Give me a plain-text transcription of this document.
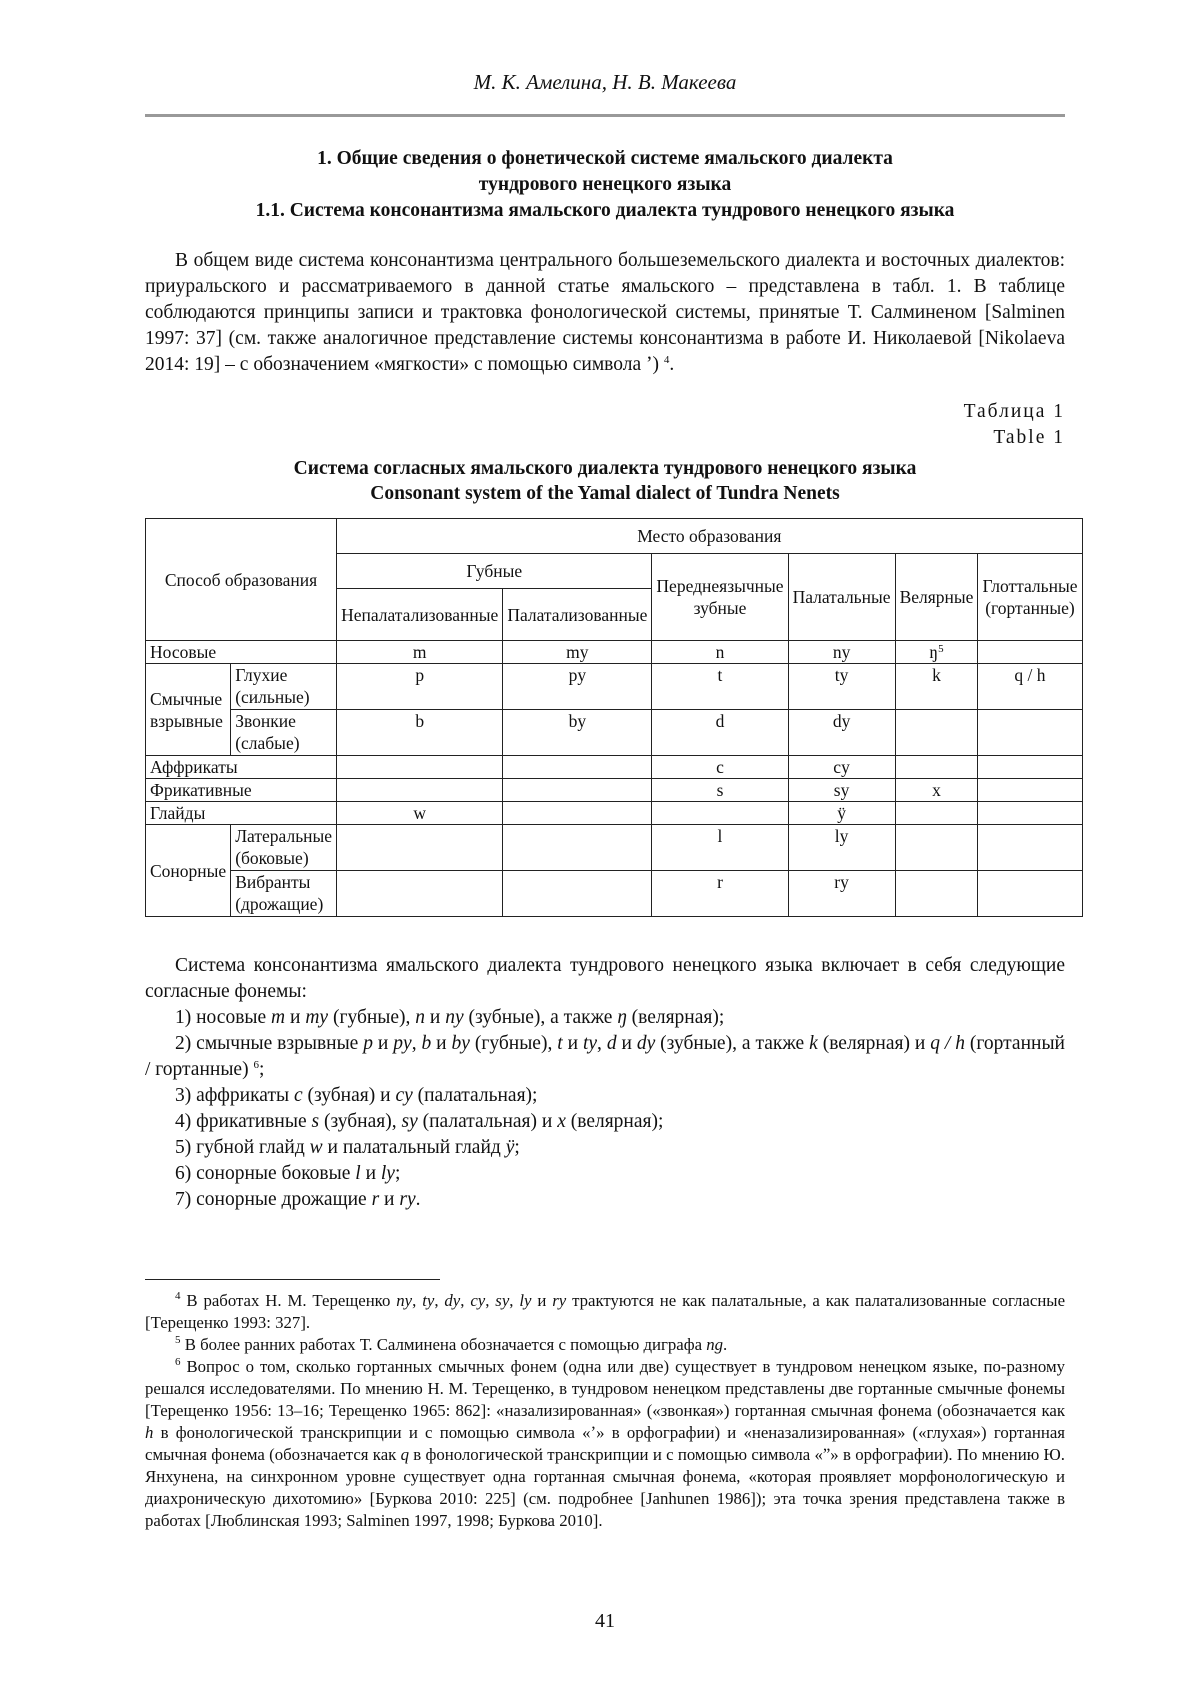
М. К. Амелина, Н. В. Макеева
1. Общие сведения о фонетической системе ямальского диалекта
тундрового ненецкого языка
1.1. Система консонантизма ямальского диалекта тундрового ненецкого языка
В общем виде система консонантизма центрального большеземельского диалекта и восточных диалектов: приуральского и рассматриваемого в данной статье ямальского – представлена в табл. 1. В таблице соблюдаются принципы записи и трактовка фонологической системы, принятые Т. Салминеном [Salminen 1997: 37] (см. также аналогичное представление системы консонантизма в работе И. Николаевой [Nikolaeva 2014: 19] – с обозначением «мягкости» с помощью символа ʼ) $^4$.
Таблица 1
Table 1
Система согласных ямальского диалекта тундрового ненецкого языка
Consonant system of the Yamal dialect of Tundra Nenets
Способ образования		Место образования					
		Губные		Переднеязычные зубные	Палатальные	Велярные	Глоттальные (гортанные)
		Непалатализованные	Палатализованные				
Носовые		m	my	n	ny	$ŋ^5$	
Смычные взрывные	Глухие (сильные)	p	py	t	ty	k	q / h
	Звонкие (слабые)	b	by	d	dy		
Аффрикаты				c	cy		
Фрикативные				s	sy	x	
Глайды		w			ÿ		
Сонорные	Латеральные (боковые)			l	ly		
	Вибранты (дрожащие)			r	ry		
Система консонантизма ямальского диалекта тундрового ненецкого языка включает в себя следующие согласные фонемы:
1) носовые m и my (губные), n и ny (зубные), а также ŋ (велярная);
2) смычные взрывные p и py, b и by (губные), t и ty, d и dy (зубные), а также k (велярная) и q / h (гортанный / гортанные) $^6$;
3) аффрикаты c (зубная) и cy (палатальная);
4) фрикативные s (зубная), sy (палатальная) и x (велярная);
5) губной глайд w и палатальный глайд ÿ;
6) сонорные боковые l и ly;
7) сонорные дрожащие r и ry.
$^4$ В работах Н. М. Терещенко ny, ty, dy, cy, sy, ly и ry трактуются не как палатальные, а как палатализованные согласные [Терещенко 1993: 327].
$^5$ В более ранних работах Т. Салминена обозначается с помощью диграфа ng.
$^6$ Вопрос о том, сколько гортанных смычных фонем (одна или две) существует в тундровом ненецком языке, по-разному решался исследователями. По мнению Н. М. Терещенко, в тундровом ненецком представлены две гортанные смычные фонемы [Терещенко 1956: 13–16; Терещенко 1965: 862]: «назализированная» («звонкая») гортанная смычная фонема (обозначается как h в фонологической транскрипции и с помощью символа «ʼ» в орфографии) и «неназализированная» («глухая») гортанная смычная фонема (обозначается как q в фонологической транскрипции и с помощью символа «ˮ» в орфографии). По мнению Ю. Янхунена, на синхронном уровне существует одна гортанная смычная фонема, «которая проявляет морфонологическую и диахроническую дихотомию» [Буркова 2010: 225] (см. подробнее [Janhunen 1986]); эта точка зрения представлена также в работах [Люблинская 1993; Salminen 1997, 1998; Буркова 2010].
41
